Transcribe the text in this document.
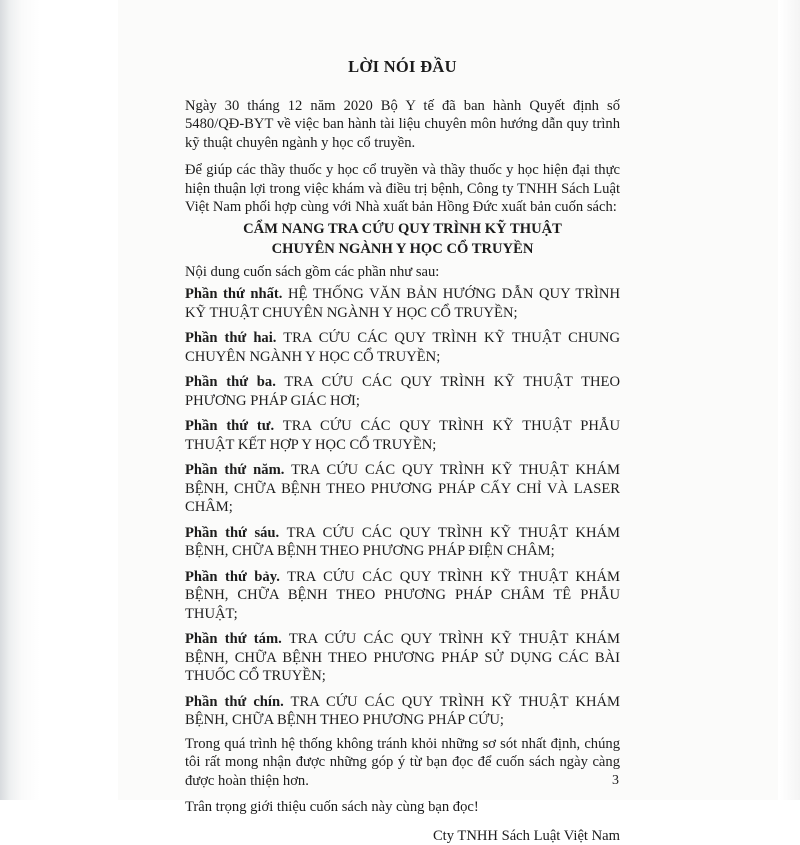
LỜI NÓI ĐẦU

Ngày 30 tháng 12 năm 2020 Bộ Y tế đã ban hành Quyết định số 5480/QĐ-BYT về việc ban hành tài liệu chuyên môn hướng dẫn quy trình kỹ thuật chuyên ngành y học cổ truyền.

Để giúp các thầy thuốc y học cổ truyền và thầy thuốc y học hiện đại thực hiện thuận lợi trong việc khám và điều trị bệnh, Công ty TNHH Sách Luật Việt Nam phối hợp cùng với Nhà xuất bản Hồng Đức xuất bản cuốn sách:

CẨM NANG TRA CỨU QUY TRÌNH KỸ THUẬT
CHUYÊN NGÀNH Y HỌC CỔ TRUYỀN

Nội dung cuốn sách gồm các phần như sau:

Phần thứ nhất. HỆ THỐNG VĂN BẢN HƯỚNG DẪN QUY TRÌNH KỸ THUẬT CHUYÊN NGÀNH Y HỌC CỔ TRUYỀN;

Phần thứ hai. TRA CỨU CÁC QUY TRÌNH KỸ THUẬT CHUNG CHUYÊN NGÀNH Y HỌC CỔ TRUYỀN;

Phần thứ ba. TRA CỨU CÁC QUY TRÌNH KỸ THUẬT THEO PHƯƠNG PHÁP GIÁC HƠI;

Phần thứ tư. TRA CỨU CÁC QUY TRÌNH KỸ THUẬT PHẪU THUẬT KẾT HỢP Y HỌC CỔ TRUYỀN;

Phần thứ năm. TRA CỨU CÁC QUY TRÌNH KỸ THUẬT KHÁM BỆNH, CHỮA BỆNH THEO PHƯƠNG PHÁP CẤY CHỈ VÀ LASER CHÂM;

Phần thứ sáu. TRA CỨU CÁC QUY TRÌNH KỸ THUẬT KHÁM BỆNH, CHỮA BỆNH THEO PHƯƠNG PHÁP ĐIỆN CHÂM;

Phần thứ bảy. TRA CỨU CÁC QUY TRÌNH KỸ THUẬT KHÁM BỆNH, CHỮA BỆNH THEO PHƯƠNG PHÁP CHÂM TÊ PHẪU THUẬT;

Phần thứ tám. TRA CỨU CÁC QUY TRÌNH KỸ THUẬT KHÁM BỆNH, CHỮA BỆNH THEO PHƯƠNG PHÁP SỬ DỤNG CÁC BÀI THUỐC CỔ TRUYỀN;

Phần thứ chín. TRA CỨU CÁC QUY TRÌNH KỸ THUẬT KHÁM BỆNH, CHỮA BỆNH THEO PHƯƠNG PHÁP CỨU;

Trong quá trình hệ thống không tránh khỏi những sơ sót nhất định, chúng tôi rất mong nhận được những góp ý từ bạn đọc để cuốn sách ngày càng được hoàn thiện hơn.

Trân trọng giới thiệu cuốn sách này cùng bạn đọc!

Cty TNHH Sách Luật Việt Nam
3
